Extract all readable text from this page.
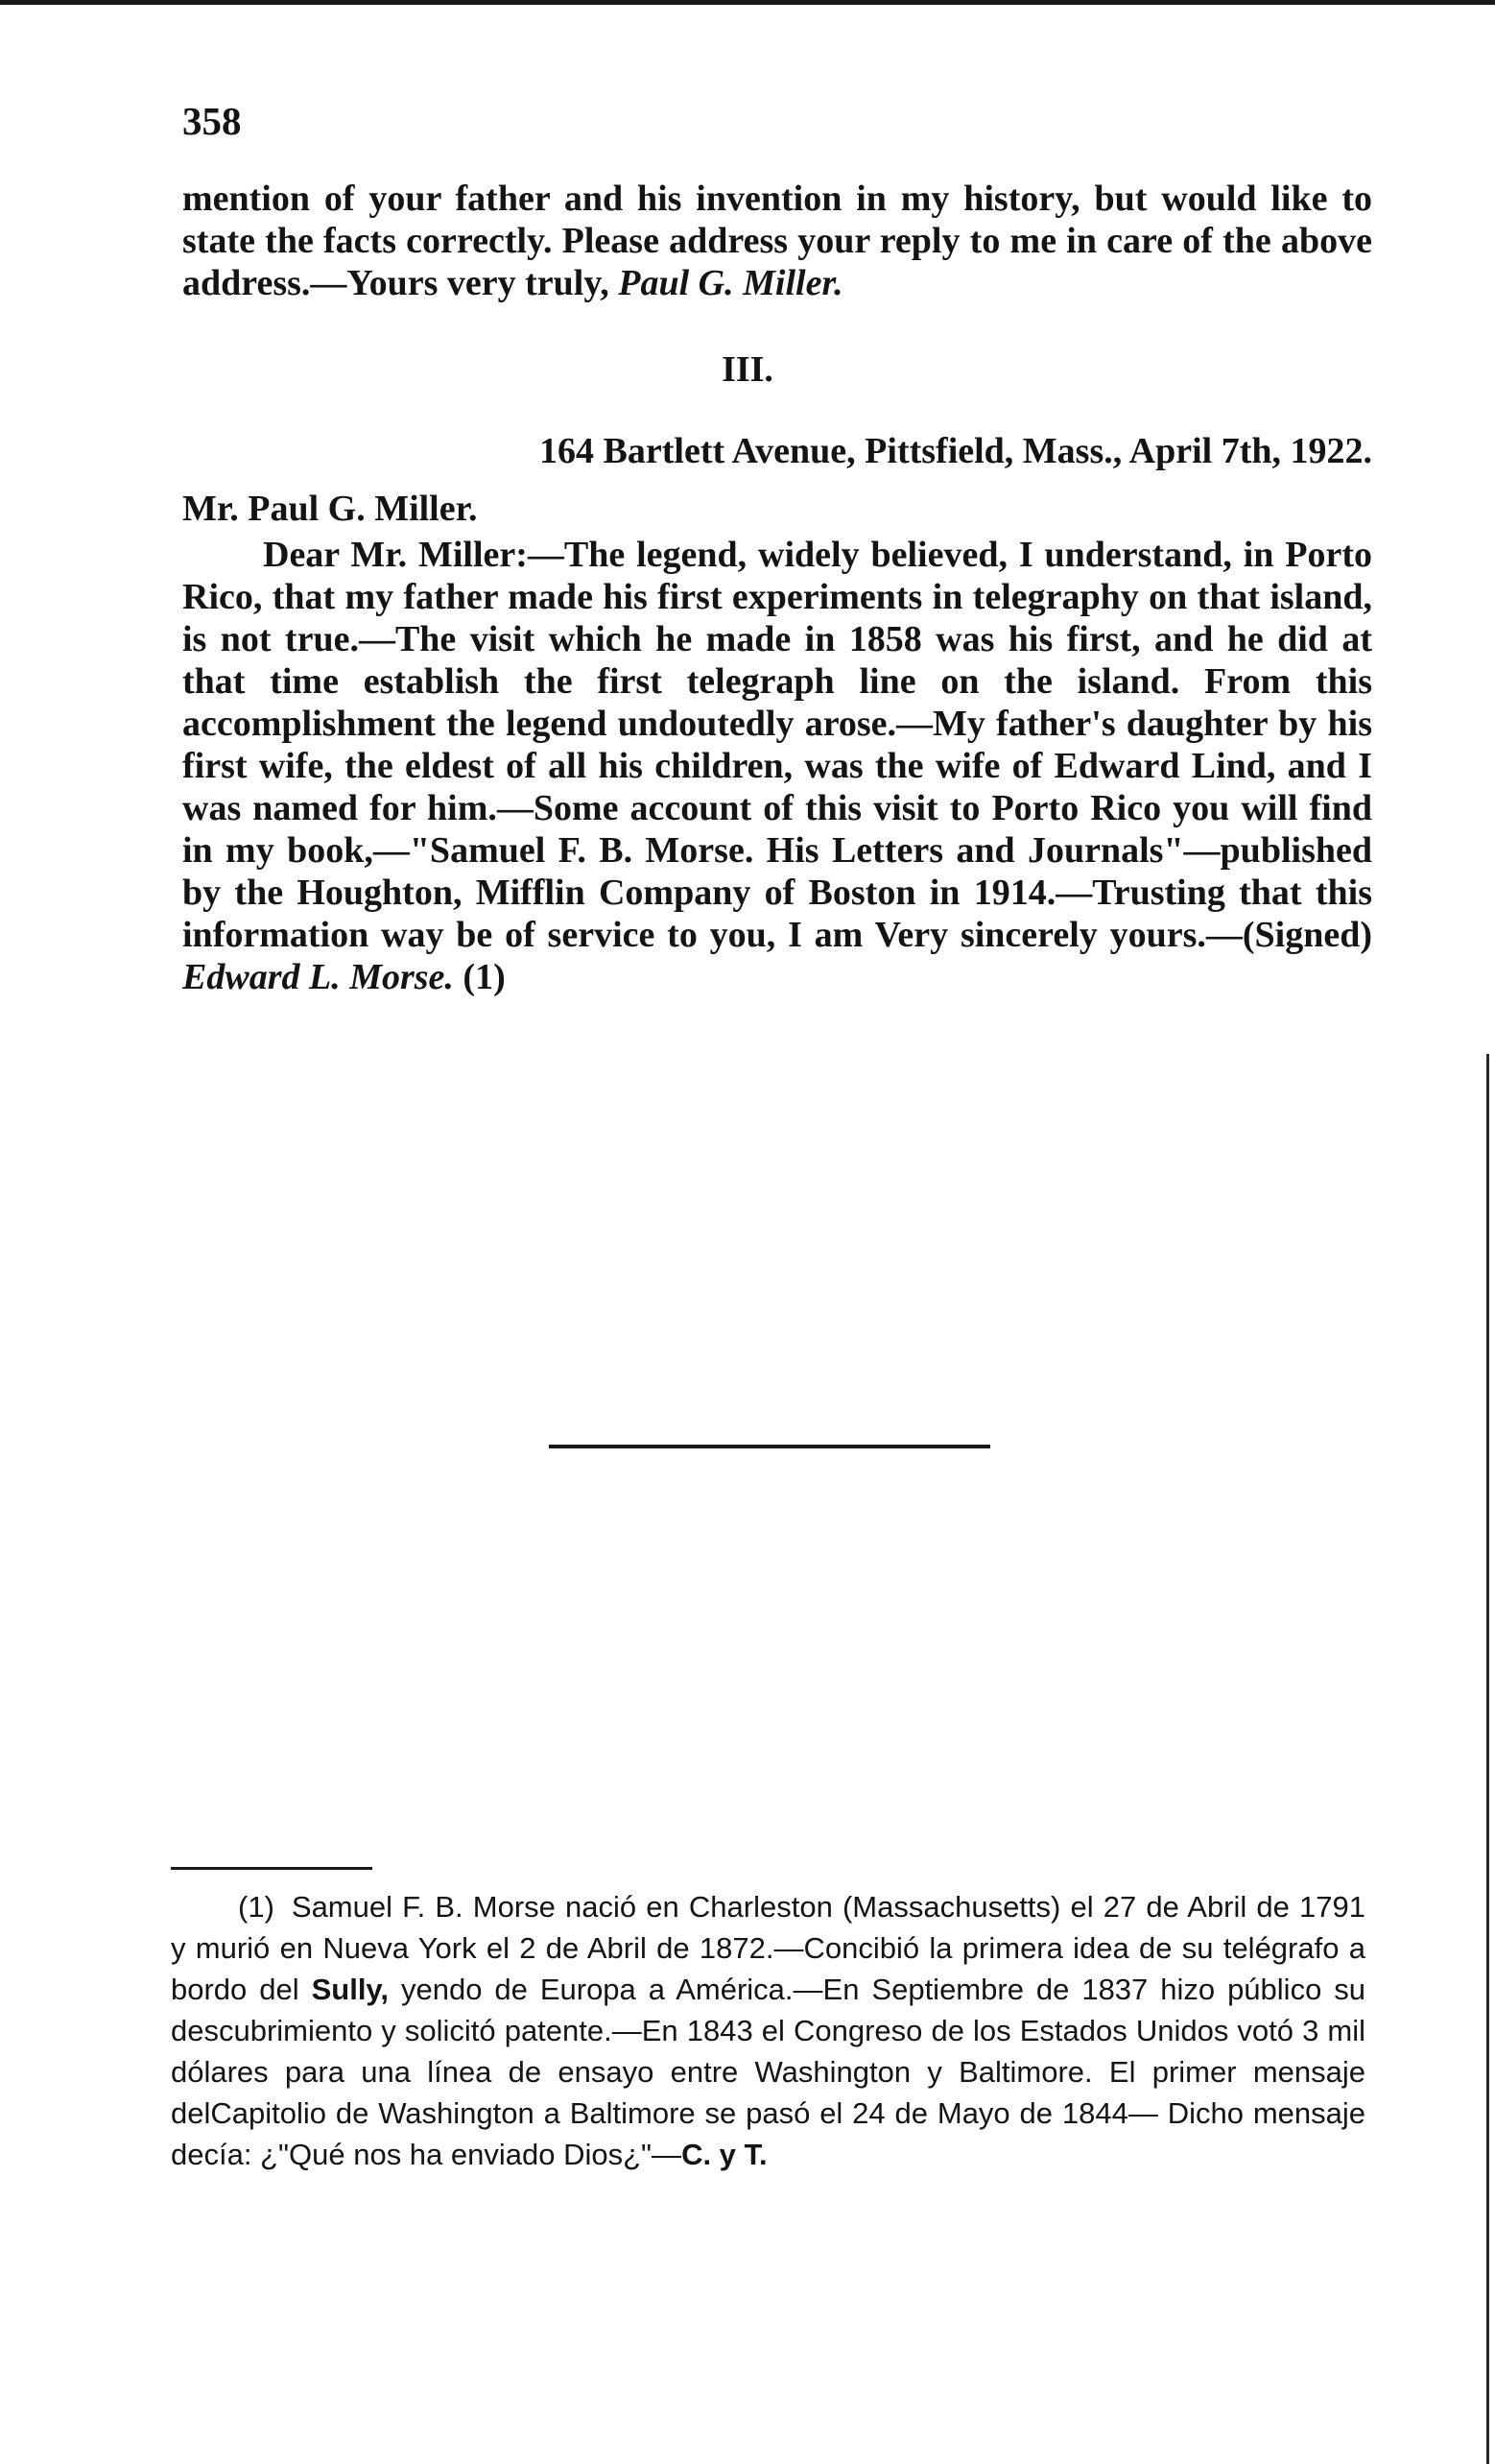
358

mention of your father and his invention in my history, but would like to state the facts correctly. Please address your reply to me in care of the above address.—Yours very truly, Paul G. Miller.

III.
164 Bartlett Avenue, Pittsfield, Mass., April 7th, 1922.
Mr. Paul G. Miller.

Dear Mr. Miller:—The legend, widely believed, I understand, in Porto Rico, that my father made his first experiments in telegraphy on that island, is not true.—The visit which he made in 1858 was his first, and he did at that time establish the first telegraph line on the island. From this accomplishment the legend undoutedly arose.—My father's daughter by his first wife, the eldest of all his children, was the wife of Edward Lind, and I was named for him.—Some account of this visit to Porto Rico you will find in my book,—"Samuel F. B. Morse. His Letters and Journals"—published by the Houghton, Mifflin Company of Boston in 1914.—Trusting that this information way be of service to you, I am Very sincerely yours.—(Signed) Edward L. Morse. (1)

(1) Samuel F. B. Morse nació en Charleston (Massachusetts) el 27 de Abril de 1791 y murió en Nueva York el 2 de Abril de 1872.—Concibió la primera idea de su telégrafo a bordo del Sully, yendo de Europa a América.—En Septiembre de 1837 hizo público su descubrimiento y solicitó patente.—En 1843 el Congreso de los Estados Unidos votó 3 mil dólares para una línea de ensayo entre Washington y Baltimore. El primer mensaje delCapitolio de Washington a Baltimore se pasó el 24 de Mayo de 1844— Dicho mensaje decía: ¿"Qué nos ha enviado Dios¿"—C. y T.
